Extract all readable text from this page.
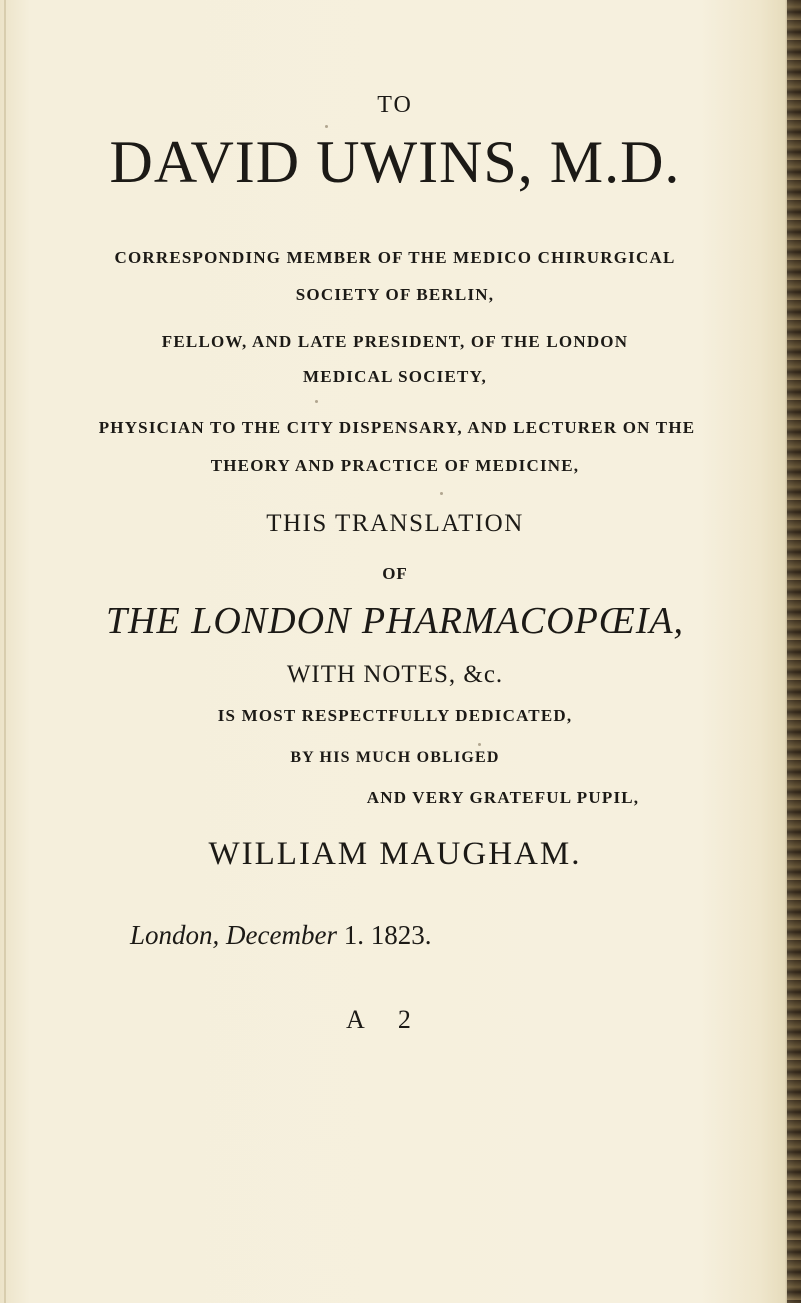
TO
DAVID UWINS, M.D.
CORRESPONDING MEMBER OF THE MEDICO CHIRURGICAL
SOCIETY OF BERLIN,
FELLOW, AND LATE PRESIDENT, OF THE LONDON
MEDICAL SOCIETY,
PHYSICIAN TO THE CITY DISPENSARY, AND LECTURER ON THE
THEORY AND PRACTICE OF MEDICINE,
THIS TRANSLATION
OF
THE LONDON PHARMACOPŒIA,
WITH NOTES, &c.
IS MOST RESPECTFULLY DEDICATED,
BY HIS MUCH OBLIGED
AND VERY GRATEFUL PUPIL,
WILLIAM MAUGHAM.
London, December 1. 1823.
A 2
